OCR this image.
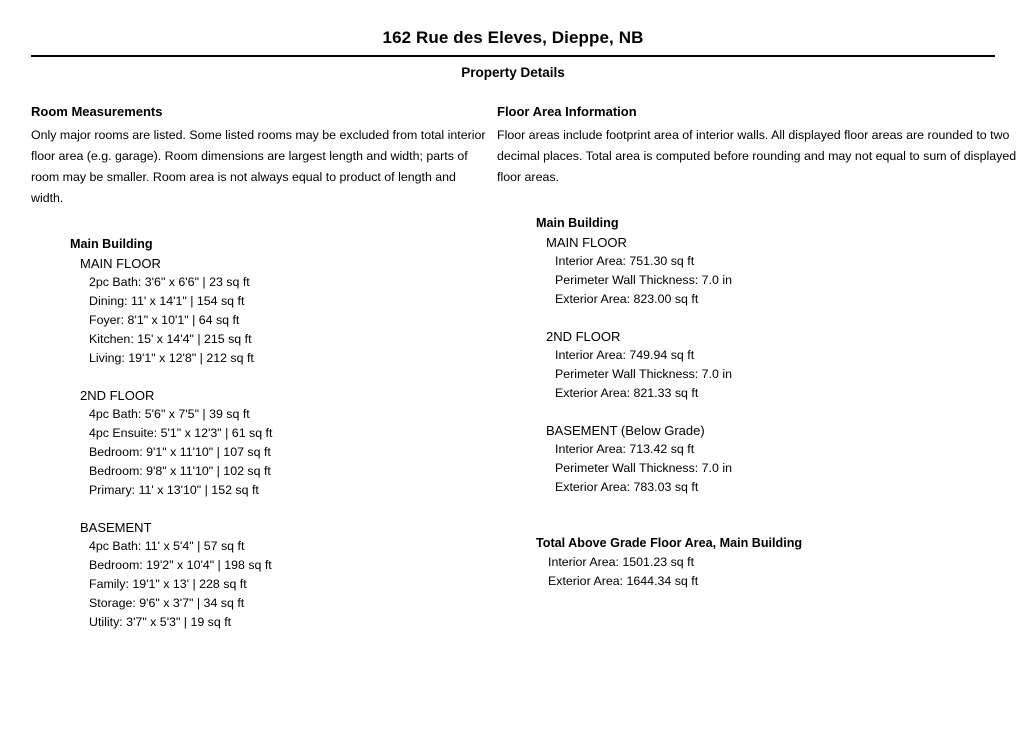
162 Rue des Eleves, Dieppe, NB
Property Details
Room Measurements

Only major rooms are listed. Some listed rooms may be excluded from total interior floor area (e.g. garage). Room dimensions are largest length and width; parts of room may be smaller. Room area is not always equal to product of length and width.

Main Building
MAIN FLOOR
2pc Bath: 3'6" x 6'6" | 23 sq ft
Dining: 11' x 14'1" | 154 sq ft
Foyer: 8'1" x 10'1" | 64 sq ft
Kitchen: 15' x 14'4" | 215 sq ft
Living: 19'1" x 12'8" | 212 sq ft
2ND FLOOR
4pc Bath: 5'6" x 7'5" | 39 sq ft
4pc Ensuite: 5'1" x 12'3" | 61 sq ft
Bedroom: 9'1" x 11'10" | 107 sq ft
Bedroom: 9'8" x 11'10" | 102 sq ft
Primary: 11' x 13'10" | 152 sq ft
BASEMENT
4pc Bath: 11' x 5'4" | 57 sq ft
Bedroom: 19'2" x 10'4" | 198 sq ft
Family: 19'1" x 13' | 228 sq ft
Storage: 9'6" x 3'7" | 34 sq ft
Utility: 3'7" x 5'3" | 19 sq ft
Floor Area Information

Floor areas include footprint area of interior walls. All displayed floor areas are rounded to two decimal places. Total area is computed before rounding and may not equal to sum of displayed floor areas.

Main Building
MAIN FLOOR
Interior Area: 751.30 sq ft
Perimeter Wall Thickness: 7.0 in
Exterior Area: 823.00 sq ft
2ND FLOOR
Interior Area: 749.94 sq ft
Perimeter Wall Thickness: 7.0 in
Exterior Area: 821.33 sq ft
BASEMENT (Below Grade)
Interior Area: 713.42 sq ft
Perimeter Wall Thickness: 7.0 in
Exterior Area: 783.03 sq ft
Total Above Grade Floor Area, Main Building
Interior Area: 1501.23 sq ft
Exterior Area: 1644.34 sq ft
